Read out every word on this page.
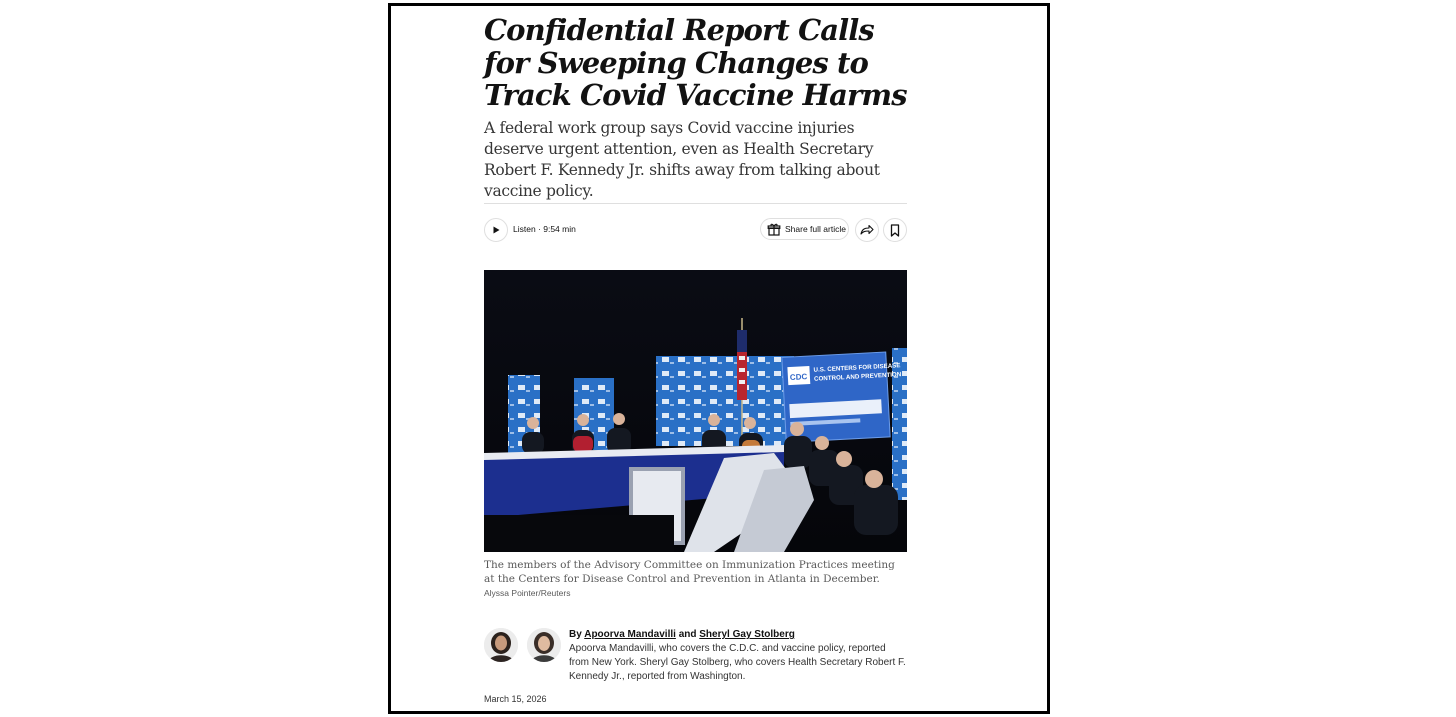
Confidential Report Calls for Sweeping Changes to Track Covid Vaccine Harms

A federal work group says Covid vaccine injuries deserve urgent attention, even as Health Secretary Robert F. Kennedy Jr. shifts away from talking about vaccine policy.

Listen · 9:54 min	Share full article
CDC
U.S. CENTERS FOR DISEASE
CONTROL AND PREVENTION
The members of the Advisory Committee on Immunization Practices meeting at the Centers for Disease Control and Prevention in Atlanta in December. Alyssa Pointer/Reuters
By Apoorva Mandavilli and Sheryl Gay Stolberg
Apoorva Mandavilli, who covers the C.D.C. and vaccine policy, reported from New York. Sheryl Gay Stolberg, who covers Health Secretary Robert F. Kennedy Jr., reported from Washington.
March 15, 2026
